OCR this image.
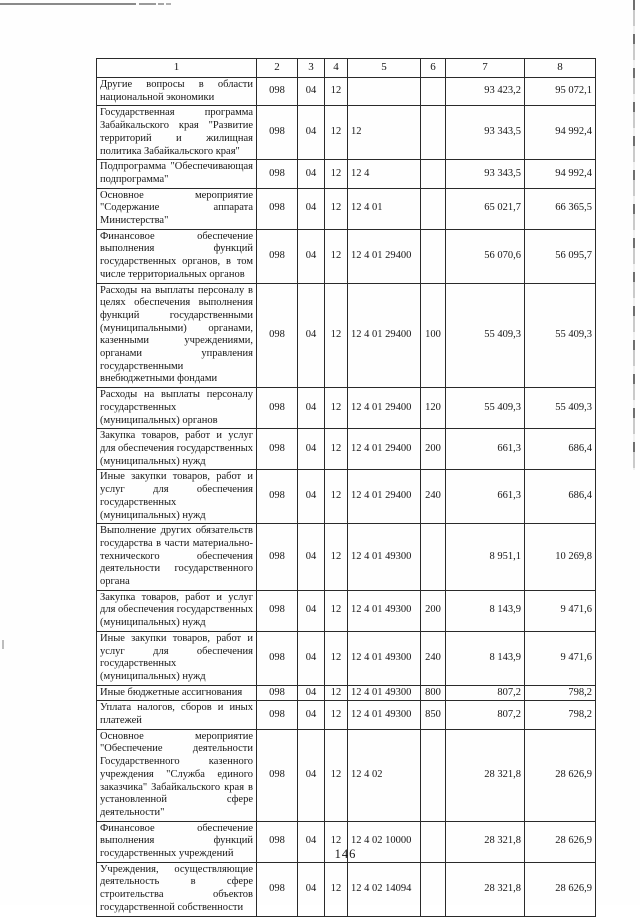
1	2	3	4	5	6	7	8
Другие вопросы в области национальной экономики	098	04	12			93 423,2	95 072,1
Государственная программа Забайкальского края "Развитие территорий и жилищная политика Забайкальского края"	098	04	12	12		93 343,5	94 992,4
Подпрограмма "Обеспечивающая подпрограмма"	098	04	12	12 4		93 343,5	94 992,4
Основное мероприятие "Содержание аппарата Министерства"	098	04	12	12 4 01		65 021,7	66 365,5
Финансовое обеспечение выполнения функций государственных органов, в том числе территориальных органов	098	04	12	12 4 01 29400		56 070,6	56 095,7
Расходы на выплаты персоналу в целях обеспечения выполнения функций государственными (муниципальными) органами, казенными учреждениями, органами управления государственными внебюджетными фондами	098	04	12	12 4 01 29400	100	55 409,3	55 409,3
Расходы на выплаты персоналу государственных (муниципальных) органов	098	04	12	12 4 01 29400	120	55 409,3	55 409,3
Закупка товаров, работ и услуг для обеспечения государственных (муниципальных) нужд	098	04	12	12 4 01 29400	200	661,3	686,4
Иные закупки товаров, работ и услуг для обеспечения государственных (муниципальных) нужд	098	04	12	12 4 01 29400	240	661,3	686,4
Выполнение других обязательств государства в части материально-технического обеспечения деятельности государственного органа	098	04	12	12 4 01 49300		8 951,1	10 269,8
Закупка товаров, работ и услуг для обеспечения государственных (муниципальных) нужд	098	04	12	12 4 01 49300	200	8 143,9	9 471,6
Иные закупки товаров, работ и услуг для обеспечения государственных (муниципальных) нужд	098	04	12	12 4 01 49300	240	8 143,9	9 471,6
Иные бюджетные ассигнования	098	04	12	12 4 01 49300	800	807,2	798,2
Уплата налогов, сборов и иных платежей	098	04	12	12 4 01 49300	850	807,2	798,2
Основное мероприятие "Обеспечение деятельности Государственного казенного учреждения "Служба единого заказчика" Забайкальского края в установленной сфере деятельности"	098	04	12	12 4 02		28 321,8	28 626,9
Финансовое обеспечение выполнения функций государственных учреждений	098	04	12	12 4 02 10000		28 321,8	28 626,9
Учреждения, осуществляющие деятельность в сфере строительства объектов государственной собственности	098	04	12	12 4 02 14094		28 321,8	28 626,9
146
